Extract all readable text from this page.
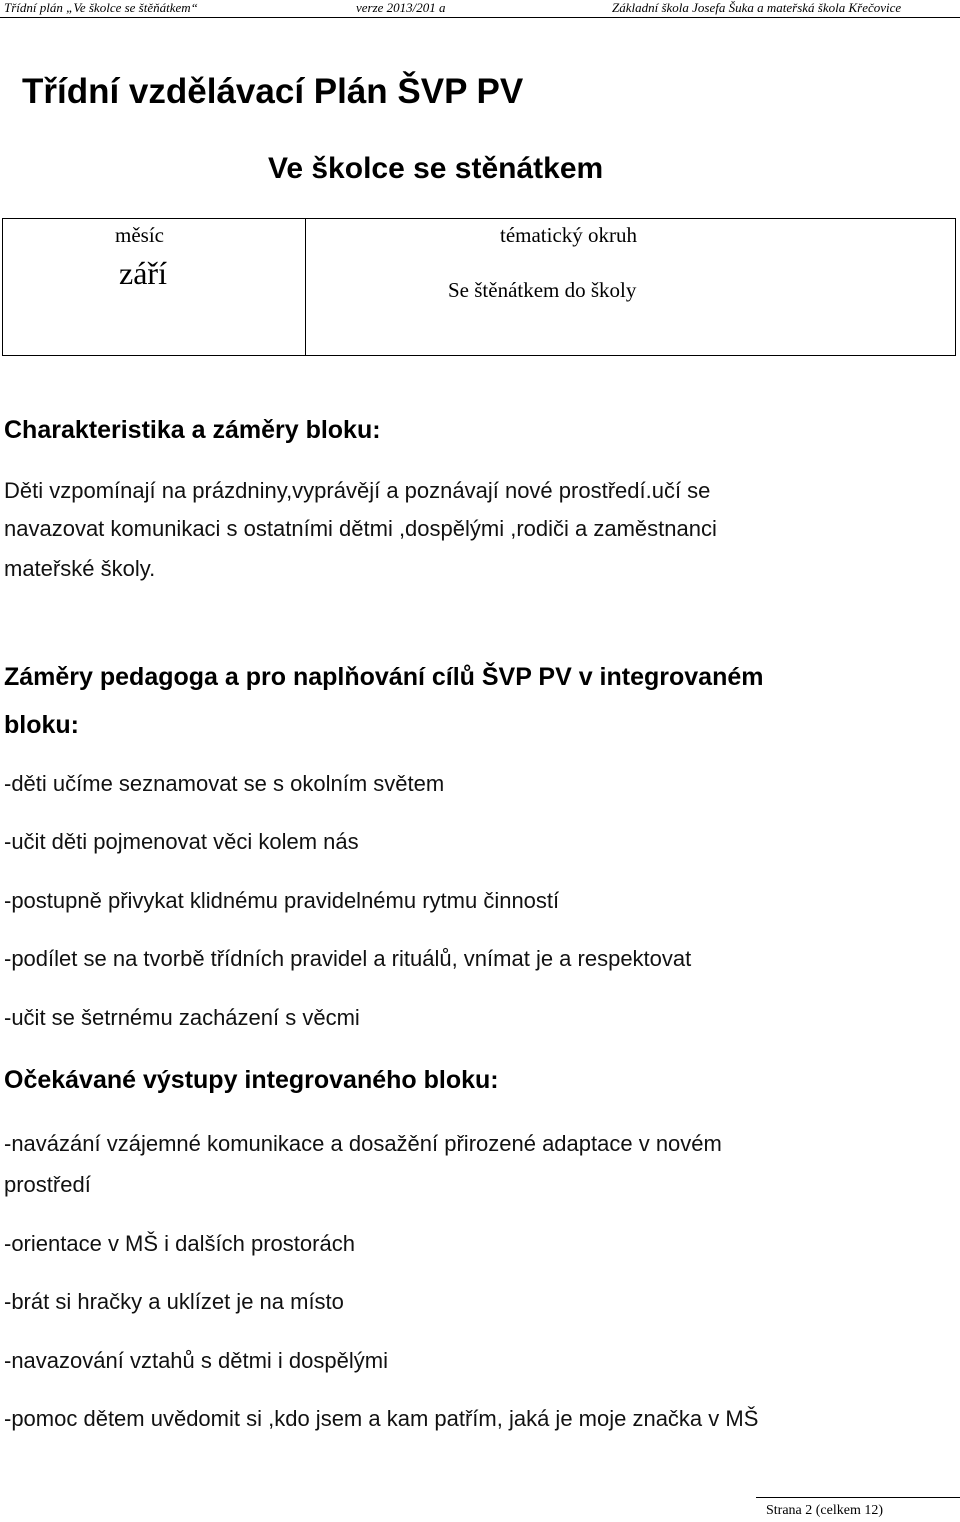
Třídní plán „Ve školce se štěňátkem“	verze 2013/201 a	Základní škola Josefa Šuka a mateřská škola Křečovice
Třídní vzdělávací Plán ŠVP PV
Ve školce se stěnátkem
měsíc
září
tématický okruh
Se štěnátkem do školy
Charakteristika a záměry bloku:
Děti vzpomínají na prázdniny,vyprávějí a poznávají nové prostředí.učí se
navazovat komunikaci s ostatními dětmi ,dospělými ,rodiči a zaměstnanci
mateřské školy.
Záměry pedagoga a pro naplňování cílů ŠVP PV v integrovaném
bloku:
-děti učíme seznamovat se s okolním světem
-učit děti pojmenovat věci kolem nás
-postupně přivykat klidnému pravidelnému rytmu činností
-podílet se na tvorbě třídních pravidel a rituálů, vnímat je a respektovat
-učit se šetrnému zacházení s věcmi
Očekávané výstupy integrovaného bloku:
-navázání vzájemné komunikace a dosažění přirozené adaptace v novém
prostředí
-orientace v MŠ i dalších prostorách
-brát si hračky a uklízet je na místo
-navazování vztahů s dětmi i dospělými
-pomoc dětem uvědomit si ,kdo jsem a kam patřím, jaká je moje značka v MŠ
Strana 2 (celkem 12)
